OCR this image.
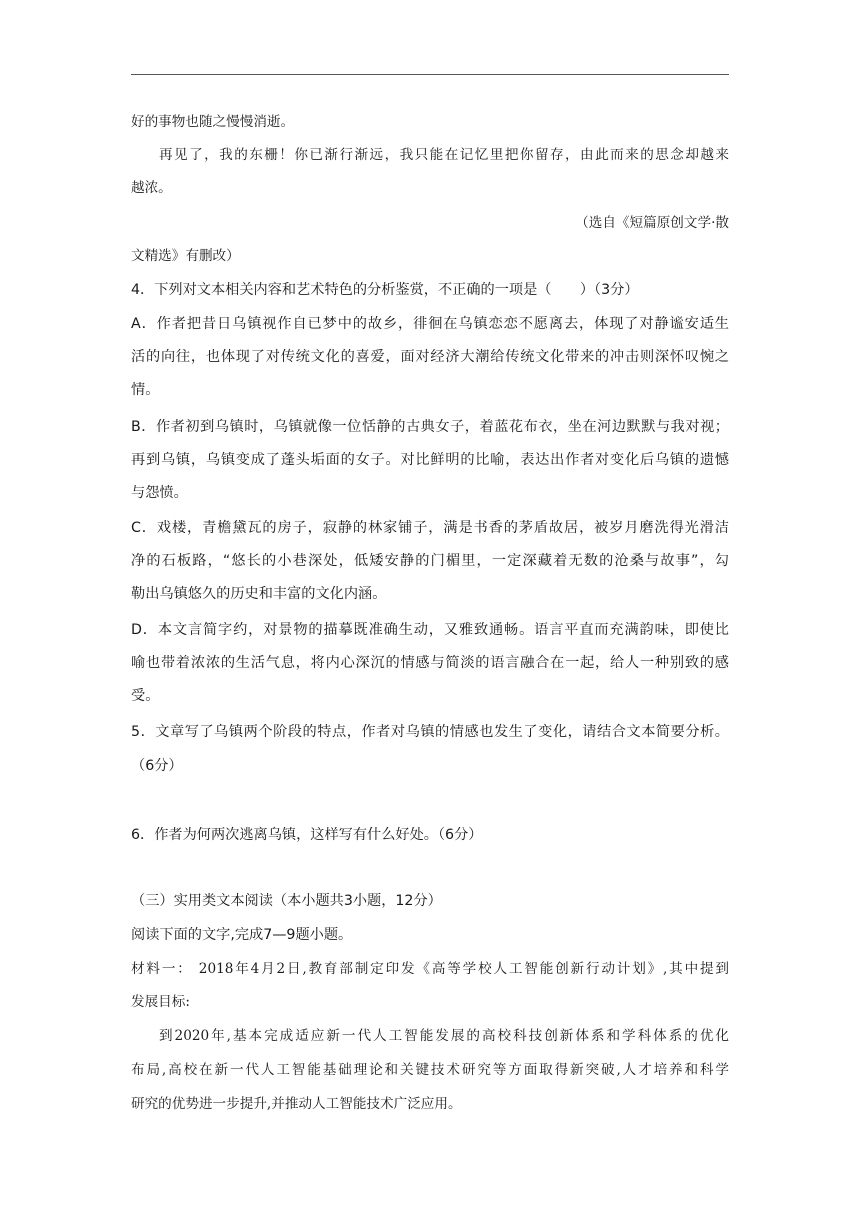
好的事物也随之慢慢消逝。
再见了，我的东栅！你已渐行渐远，我只能在记忆里把你留存，由此而来的思念却越来
越浓。
（选自《短篇原创文学·散
文精选》有删改）
4．下列对文本相关内容和艺术特色的分析鉴赏，不正确的一项是（　　）（3分）
A．作者把昔日乌镇视作自已梦中的故乡，徘徊在乌镇恋恋不愿离去，体现了对静谧安适生
活的向往，也体现了对传统文化的喜爱，面对经济大潮给传统文化带来的冲击则深怀叹惋之
情。
B．作者初到乌镇时，乌镇就像一位恬静的古典女子，着蓝花布衣，坐在河边默默与我对视；
再到乌镇，乌镇变成了蓬头垢面的女子。对比鲜明的比喻，表达出作者对变化后乌镇的遗憾
与怨愤。
C．戏楼，青檐黛瓦的房子，寂静的林家铺子，满是书香的茅盾故居，被岁月磨洗得光滑洁
净的石板路，“悠长的小巷深处，低矮安静的门楣里，一定深藏着无数的沧桑与故事”，勾
勒出乌镇悠久的历史和丰富的文化内涵。
D．本文言简字约，对景物的描摹既准确生动，又雅致通畅。语言平直而充满韵味，即使比
喻也带着浓浓的生活气息，将内心深沉的情感与简淡的语言融合在一起，给人一种别致的感
受。
5．文章写了乌镇两个阶段的特点，作者对乌镇的情感也发生了变化，请结合文本简要分析。
（6分）
6．作者为何两次逃离乌镇，这样写有什么好处。（6分）
（三）实用类文本阅读（本小题共3小题，12分）
阅读下面的文字,完成7—9题小题。
材料一： 2018年4月2日,教育部制定印发《高等学校人工智能创新行动计划》,其中提到
发展目标:
到2020年,基本完成适应新一代人工智能发展的高校科技创新体系和学科体系的优化
布局,高校在新一代人工智能基础理论和关键技术研究等方面取得新突破,人才培养和科学
研究的优势进一步提升,并推动人工智能技术广泛应用。
